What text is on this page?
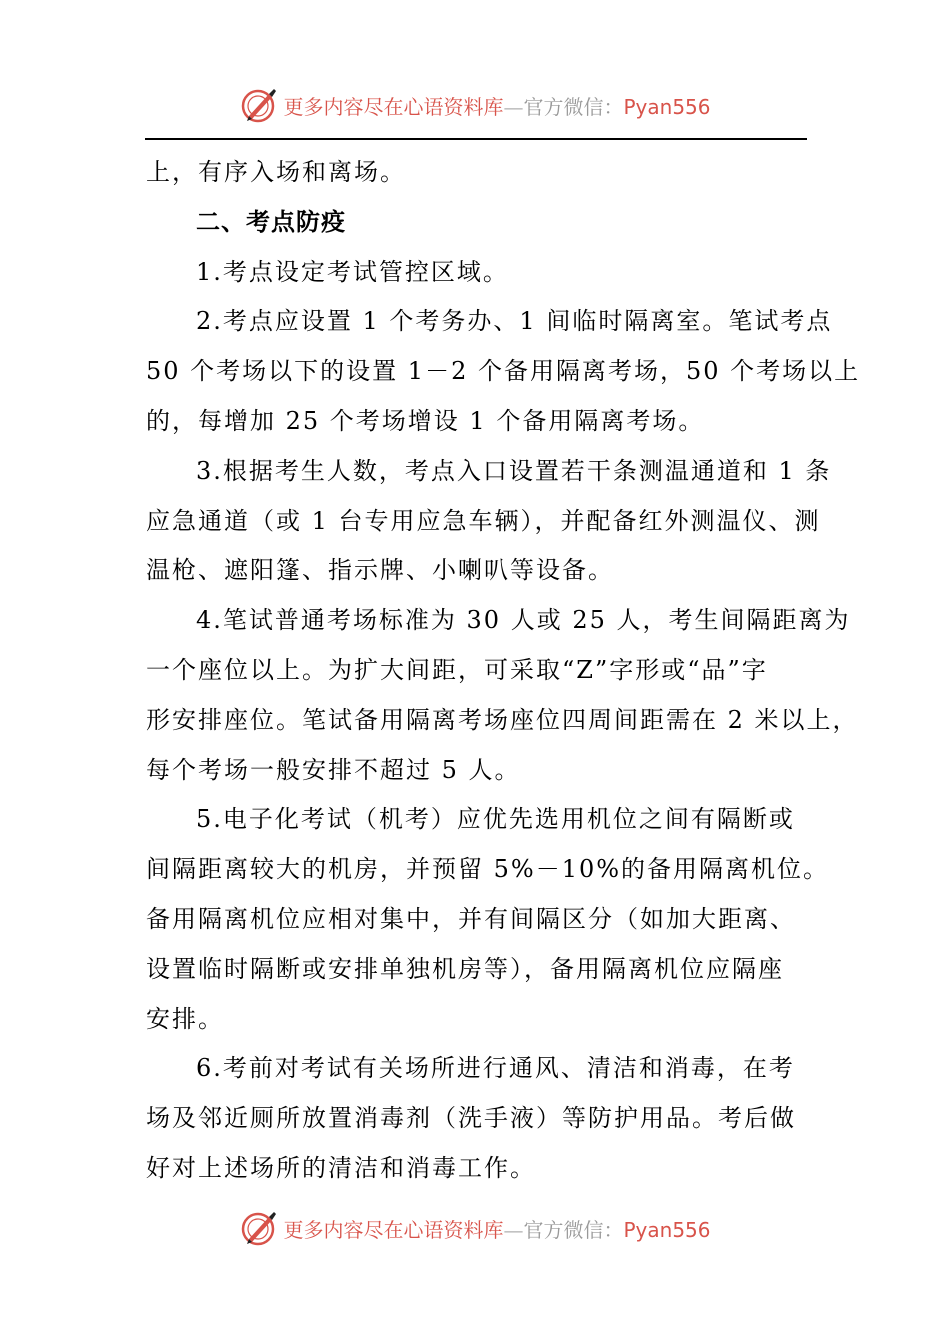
更多内容尽在心语资料库—官方微信：Pyan556
上，有序入场和离场。
二、考点防疫
1.考点设定考试管控区域。
2.考点应设置 1 个考务办、1 间临时隔离室。笔试考点
50 个考场以下的设置 1－2 个备用隔离考场，50 个考场以上
的，每增加 25 个考场增设 1 个备用隔离考场。
3.根据考生人数，考点入口设置若干条测温通道和 1 条
应急通道（或 1 台专用应急车辆），并配备红外测温仪、测
温枪、遮阳篷、指示牌、小喇叭等设备。
4.笔试普通考场标准为 30 人或 25 人，考生间隔距离为
一个座位以上。为扩大间距，可采取“Z”字形或“品”字
形安排座位。笔试备用隔离考场座位四周间距需在 2 米以上，
每个考场一般安排不超过 5 人。
5.电子化考试（机考）应优先选用机位之间有隔断或
间隔距离较大的机房，并预留 5%－10%的备用隔离机位。
备用隔离机位应相对集中，并有间隔区分（如加大距离、
设置临时隔断或安排单独机房等），备用隔离机位应隔座
安排。
6.考前对考试有关场所进行通风、清洁和消毒，在考
场及邻近厕所放置消毒剂（洗手液）等防护用品。考后做
好对上述场所的清洁和消毒工作。
更多内容尽在心语资料库—官方微信：Pyan556
